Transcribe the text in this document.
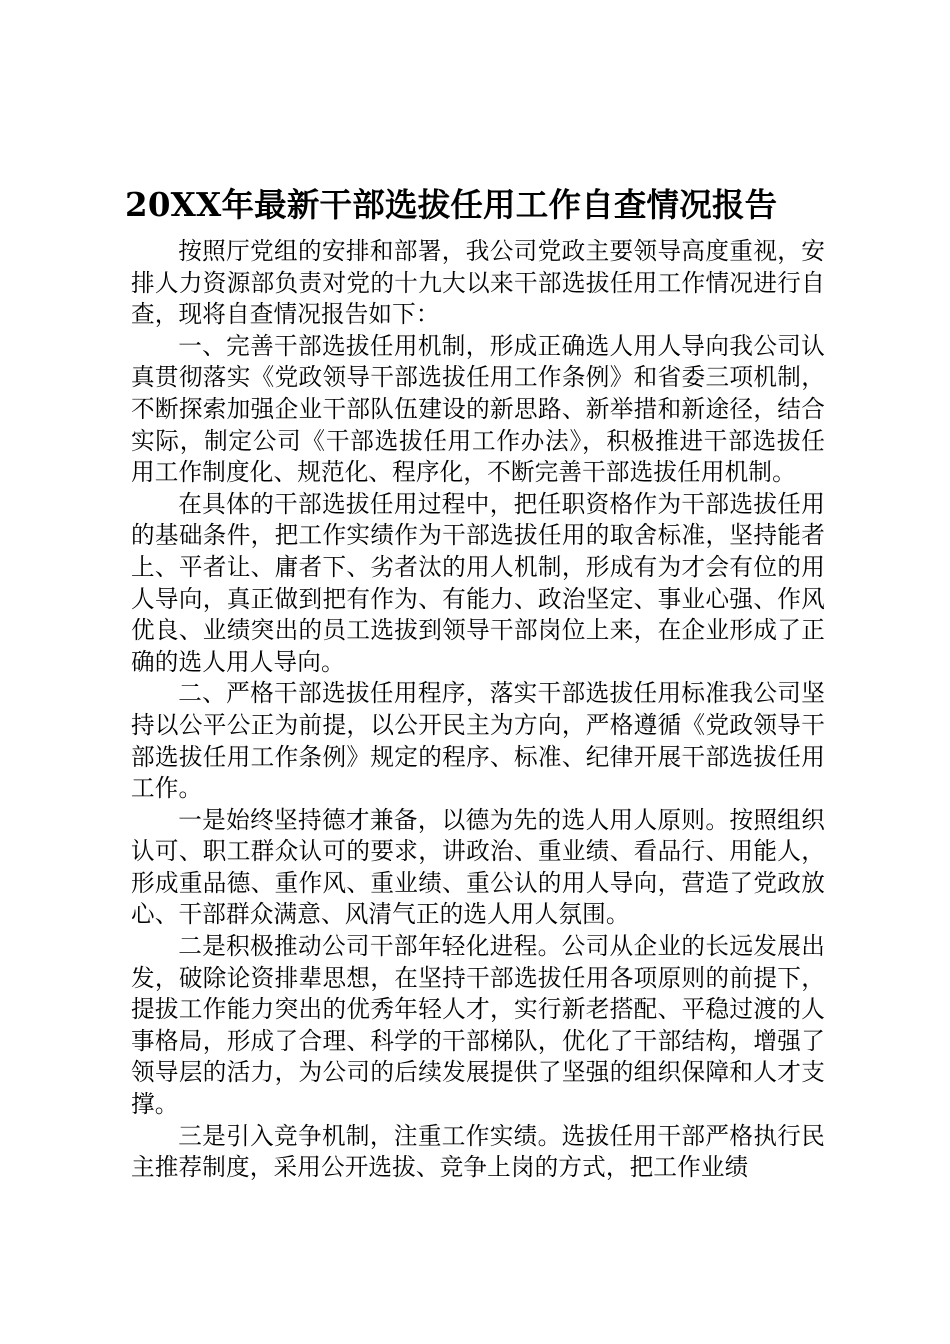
20XX年最新干部选拔任用工作自查情况报告

按照厅党组的安排和部署，我公司党政主要领导高度重视，安排人力资源部负责对党的十九大以来干部选拔任用工作情况进行自查，现将自查情况报告如下：

一、完善干部选拔任用机制，形成正确选人用人导向我公司认真贯彻落实《党政领导干部选拔任用工作条例》和省委三项机制，不断探索加强企业干部队伍建设的新思路、新举措和新途径，结合实际，制定公司《干部选拔任用工作办法》，积极推进干部选拔任用工作制度化、规范化、程序化，不断完善干部选拔任用机制。

在具体的干部选拔任用过程中，把任职资格作为干部选拔任用的基础条件，把工作实绩作为干部选拔任用的取舍标准，坚持能者上、平者让、庸者下、劣者汰的用人机制，形成有为才会有位的用人导向，真正做到把有作为、有能力、政治坚定、事业心强、作风优良、业绩突出的员工选拔到领导干部岗位上来，在企业形成了正确的选人用人导向。

二、严格干部选拔任用程序，落实干部选拔任用标准我公司坚持以公平公正为前提，以公开民主为方向，严格遵循《党政领导干部选拔任用工作条例》规定的程序、标准、纪律开展干部选拔任用工作。

一是始终坚持德才兼备，以德为先的选人用人原则。按照组织认可、职工群众认可的要求，讲政治、重业绩、看品行、用能人，形成重品德、重作风、重业绩、重公认的用人导向，营造了党政放心、干部群众满意、风清气正的选人用人氛围。

二是积极推动公司干部年轻化进程。公司从企业的长远发展出发，破除论资排辈思想，在坚持干部选拔任用各项原则的前提下，提拔工作能力突出的优秀年轻人才，实行新老搭配、平稳过渡的人事格局，形成了合理、科学的干部梯队，优化了干部结构，增强了领导层的活力，为公司的后续发展提供了坚强的组织保障和人才支撑。

三是引入竞争机制，注重工作实绩。选拔任用干部严格执行民主推荐制度，采用公开选拔、竞争上岗的方式，把工作业绩
